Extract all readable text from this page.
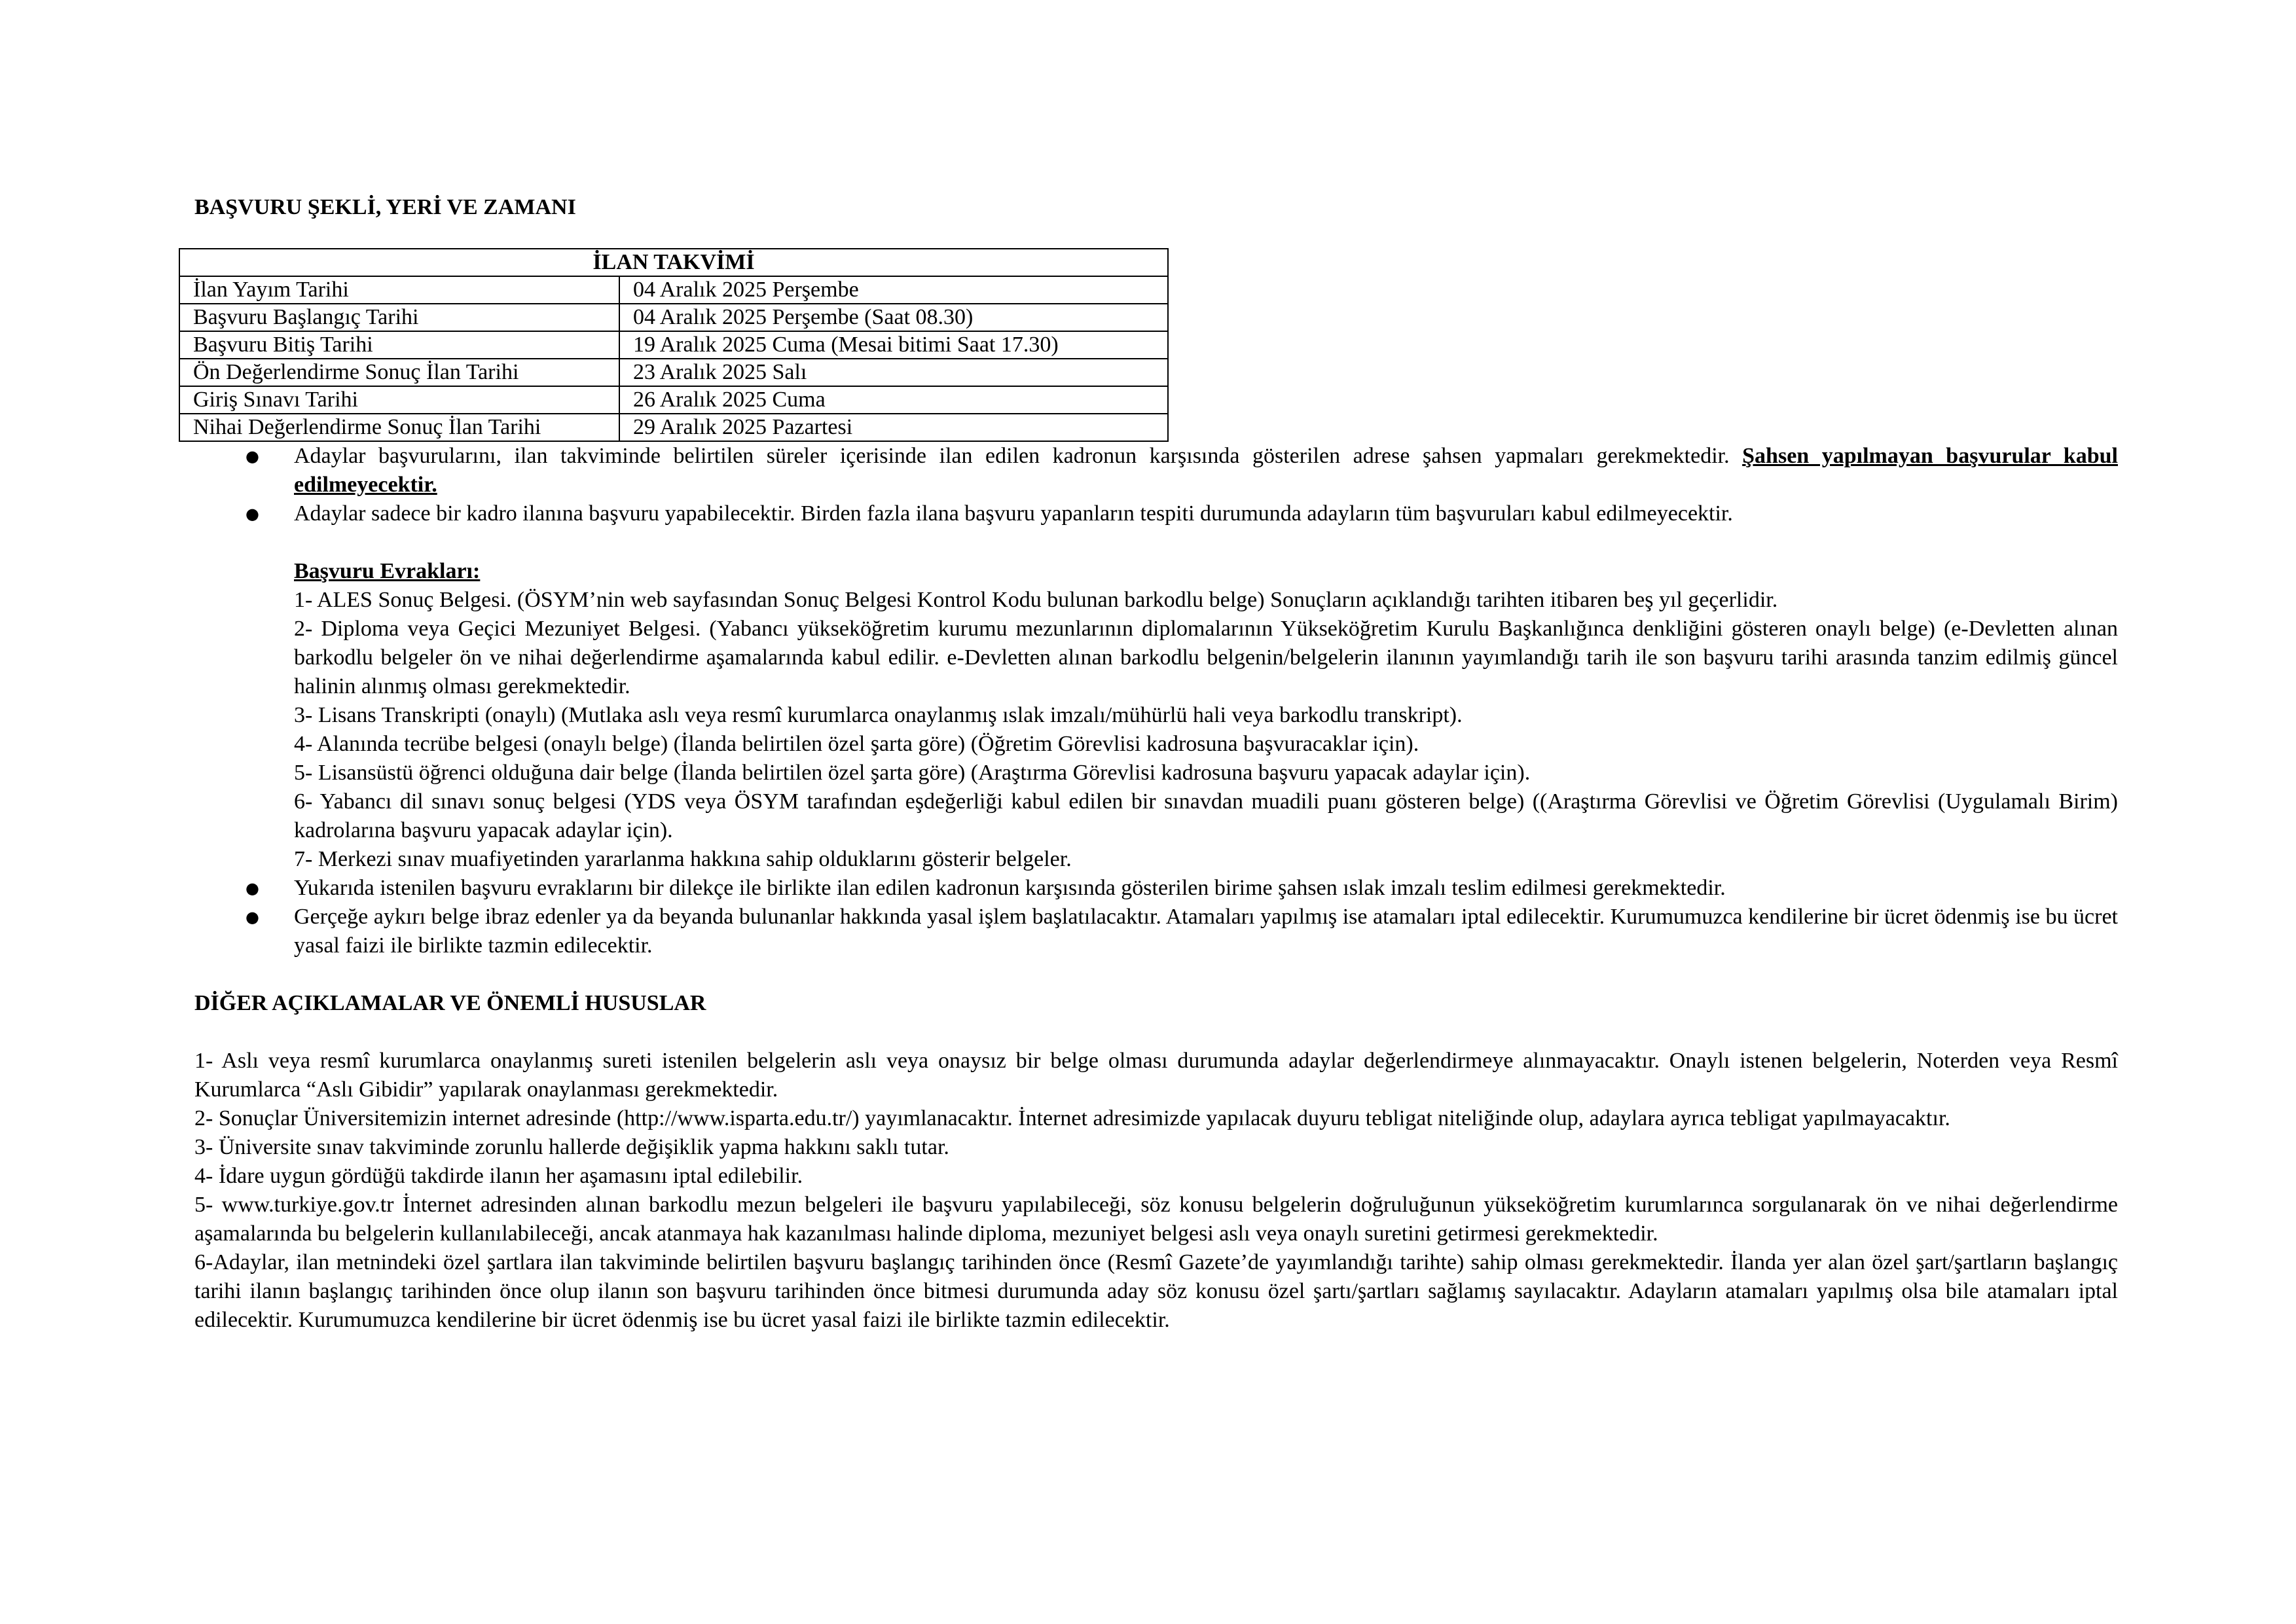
BAŞVURU ŞEKLİ, YERİ VE ZAMANI

İLAN TAKVİMİ	
İlan Yayım Tarihi	04 Aralık 2025 Perşembe
Başvuru Başlangıç Tarihi	04 Aralık 2025 Perşembe (Saat 08.30)
Başvuru Bitiş Tarihi	19 Aralık 2025 Cuma (Mesai bitimi Saat 17.30)
Ön Değerlendirme Sonuç İlan Tarihi	23 Aralık 2025 Salı
Giriş Sınavı Tarihi	26 Aralık 2025 Cuma
Nihai Değerlendirme Sonuç İlan Tarihi	29 Aralık 2025 Pazartesi
● Adaylar başvurularını, ilan takviminde belirtilen süreler içerisinde ilan edilen kadronun karşısında gösterilen adrese şahsen yapmaları gerekmektedir. Şahsen yapılmayan başvurular kabul edilmeyecektir.
● Adaylar sadece bir kadro ilanına başvuru yapabilecektir. Birden fazla ilana başvuru yapanların tespiti durumunda adayların tüm başvuruları kabul edilmeyecektir.

Başvuru Evrakları:

1- ALES Sonuç Belgesi. (ÖSYM’nin web sayfasından Sonuç Belgesi Kontrol Kodu bulunan barkodlu belge) Sonuçların açıklandığı tarihten itibaren beş yıl geçerlidir.

2- Diploma veya Geçici Mezuniyet Belgesi. (Yabancı yükseköğretim kurumu mezunlarının diplomalarının Yükseköğretim Kurulu Başkanlığınca denkliğini gösteren onaylı belge) (e-Devletten alınan barkodlu belgeler ön ve nihai değerlendirme aşamalarında kabul edilir. e-Devletten alınan barkodlu belgenin/belgelerin ilanının yayımlandığı tarih ile son başvuru tarihi arasında tanzim edilmiş güncel halinin alınmış olması gerekmektedir.

3- Lisans Transkripti (onaylı) (Mutlaka aslı veya resmî kurumlarca onaylanmış ıslak imzalı/mühürlü hali veya barkodlu transkript).

4- Alanında tecrübe belgesi (onaylı belge) (İlanda belirtilen özel şarta göre) (Öğretim Görevlisi kadrosuna başvuracaklar için).

5- Lisansüstü öğrenci olduğuna dair belge (İlanda belirtilen özel şarta göre) (Araştırma Görevlisi kadrosuna başvuru yapacak adaylar için).

6- Yabancı dil sınavı sonuç belgesi (YDS veya ÖSYM tarafından eşdeğerliği kabul edilen bir sınavdan muadili puanı gösteren belge) ((Araştırma Görevlisi ve Öğretim Görevlisi (Uygulamalı Birim) kadrolarına başvuru yapacak adaylar için).

7- Merkezi sınav muafiyetinden yararlanma hakkına sahip olduklarını gösterir belgeler.

● Yukarıda istenilen başvuru evraklarını bir dilekçe ile birlikte ilan edilen kadronun karşısında gösterilen birime şahsen ıslak imzalı teslim edilmesi gerekmektedir.
● Gerçeğe aykırı belge ibraz edenler ya da beyanda bulunanlar hakkında yasal işlem başlatılacaktır. Atamaları yapılmış ise atamaları iptal edilecektir. Kurumumuzca kendilerine bir ücret ödenmiş ise bu ücret yasal faizi ile birlikte tazmin edilecektir.

DİĞER AÇIKLAMALAR VE ÖNEMLİ HUSUSLAR

1- Aslı veya resmî kurumlarca onaylanmış sureti istenilen belgelerin aslı veya onaysız bir belge olması durumunda adaylar değerlendirmeye alınmayacaktır. Onaylı istenen belgelerin, Noterden veya Resmî Kurumlarca “Aslı Gibidir” yapılarak onaylanması gerekmektedir.

2- Sonuçlar Üniversitemizin internet adresinde (http://www.isparta.edu.tr/) yayımlanacaktır. İnternet adresimizde yapılacak duyuru tebligat niteliğinde olup, adaylara ayrıca tebligat yapılmayacaktır.

3- Üniversite sınav takviminde zorunlu hallerde değişiklik yapma hakkını saklı tutar.

4- İdare uygun gördüğü takdirde ilanın her aşamasını iptal edilebilir.

5- www.turkiye.gov.tr İnternet adresinden alınan barkodlu mezun belgeleri ile başvuru yapılabileceği, söz konusu belgelerin doğruluğunun yükseköğretim kurumlarınca sorgulanarak ön ve nihai değerlendirme aşamalarında bu belgelerin kullanılabileceği, ancak atanmaya hak kazanılması halinde diploma, mezuniyet belgesi aslı veya onaylı suretini getirmesi gerekmektedir.

6-Adaylar, ilan metnindeki özel şartlara ilan takviminde belirtilen başvuru başlangıç tarihinden önce (Resmî Gazete’de yayımlandığı tarihte) sahip olması gerekmektedir. İlanda yer alan özel şart/şartların başlangıç tarihi ilanın başlangıç tarihinden önce olup ilanın son başvuru tarihinden önce bitmesi durumunda aday söz konusu özel şartı/şartları sağlamış sayılacaktır. Adayların atamaları yapılmış olsa bile atamaları iptal edilecektir. Kurumumuzca kendilerine bir ücret ödenmiş ise bu ücret yasal faizi ile birlikte tazmin edilecektir.
